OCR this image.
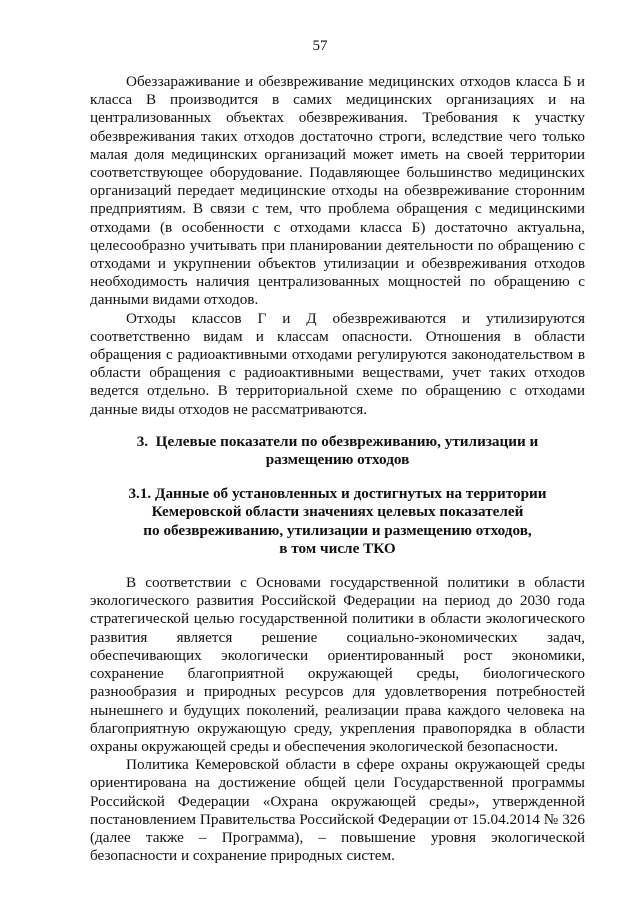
57

Обеззараживание и обезвреживание медицинских отходов класса Б и класса В производится в самих медицинских организациях и на централизованных объектах обезвреживания. Требования к участку обезвреживания таких отходов достаточно строги, вследствие чего только малая доля медицинских организаций может иметь на своей территории соответствующее оборудование. Подавляющее большинство медицинских организаций передает медицинские отходы на обезвреживание сторонним предприятиям. В связи с тем, что проблема обращения с медицинскими отходами (в особенности с отходами класса Б) достаточно актуальна, целесообразно учитывать при планировании деятельности по обращению с отходами и укрупнении объектов утилизации и обезвреживания отходов необходимость наличия централизованных мощностей по обращению с данными видами отходов.

Отходы классов Г и Д обезвреживаются и утилизируются соответственно видам и классам опасности. Отношения в области обращения с радиоактивными отходами регулируются законодательством в области обращения с радиоактивными веществами, учет таких отходов ведется отдельно. В территориальной схеме по обращению с отходами данные виды отходов не рассматриваются.

3.  Целевые показатели по обезвреживанию, утилизации и
размещению отходов
3.1. Данные об установленных и достигнутых на территории
Кемеровской области значениях целевых показателей
по обезвреживанию, утилизации и размещению отходов,
в том числе ТКО

В соответствии с Основами государственной политики в области экологического развития Российской Федерации на период до 2030 года стратегической целью государственной политики в области экологического развития является решение социально-экономических задач, обеспечивающих экологически ориентированный рост экономики, сохранение благоприятной окружающей среды, биологического разнообразия и природных ресурсов для удовлетворения потребностей нынешнего и будущих поколений, реализации права каждого человека на благоприятную окружающую среду, укрепления правопорядка в области охраны окружающей среды и обеспечения экологической безопасности.

Политика Кемеровской области в сфере охраны окружающей среды ориентирована на достижение общей цели Государственной программы Российской Федерации «Охрана окружающей среды», утвержденной постановлением Правительства Российской Федерации от 15.04.2014 № 326 (далее также – Программа), – повышение уровня экологической безопасности и сохранение природных систем.
